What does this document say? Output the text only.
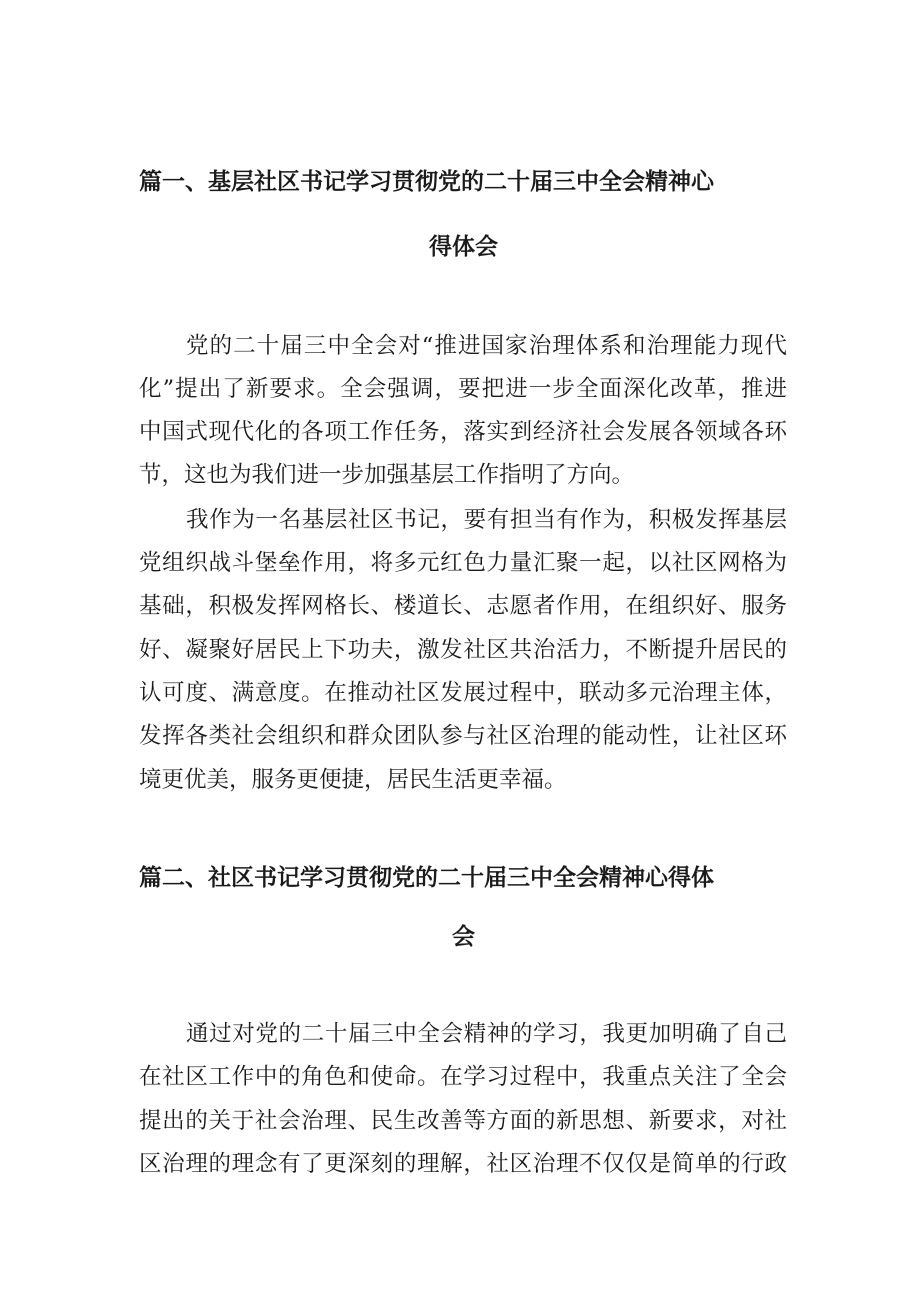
篇一、基层社区书记学习贯彻党的二十届三中全会精神心
得体会
党的二十届三中全会对“推进国家治理体系和治理能力现代
化”提出了新要求。全会强调，要把进一步全面深化改革，推进
中国式现代化的各项工作任务，落实到经济社会发展各领域各环
节，这也为我们进一步加强基层工作指明了方向。
我作为一名基层社区书记，要有担当有作为，积极发挥基层
党组织战斗堡垒作用，将多元红色力量汇聚一起，以社区网格为
基础，积极发挥网格长、楼道长、志愿者作用，在组织好、服务
好、凝聚好居民上下功夫，激发社区共治活力，不断提升居民的
认可度、满意度。在推动社区发展过程中，联动多元治理主体，
发挥各类社会组织和群众团队参与社区治理的能动性，让社区环
境更优美，服务更便捷，居民生活更幸福。
篇二、社区书记学习贯彻党的二十届三中全会精神心得体
会
通过对党的二十届三中全会精神的学习，我更加明确了自己
在社区工作中的角色和使命。在学习过程中，我重点关注了全会
提出的关于社会治理、民生改善等方面的新思想、新要求，对社
区治理的理念有了更深刻的理解，社区治理不仅仅是简单的行政
